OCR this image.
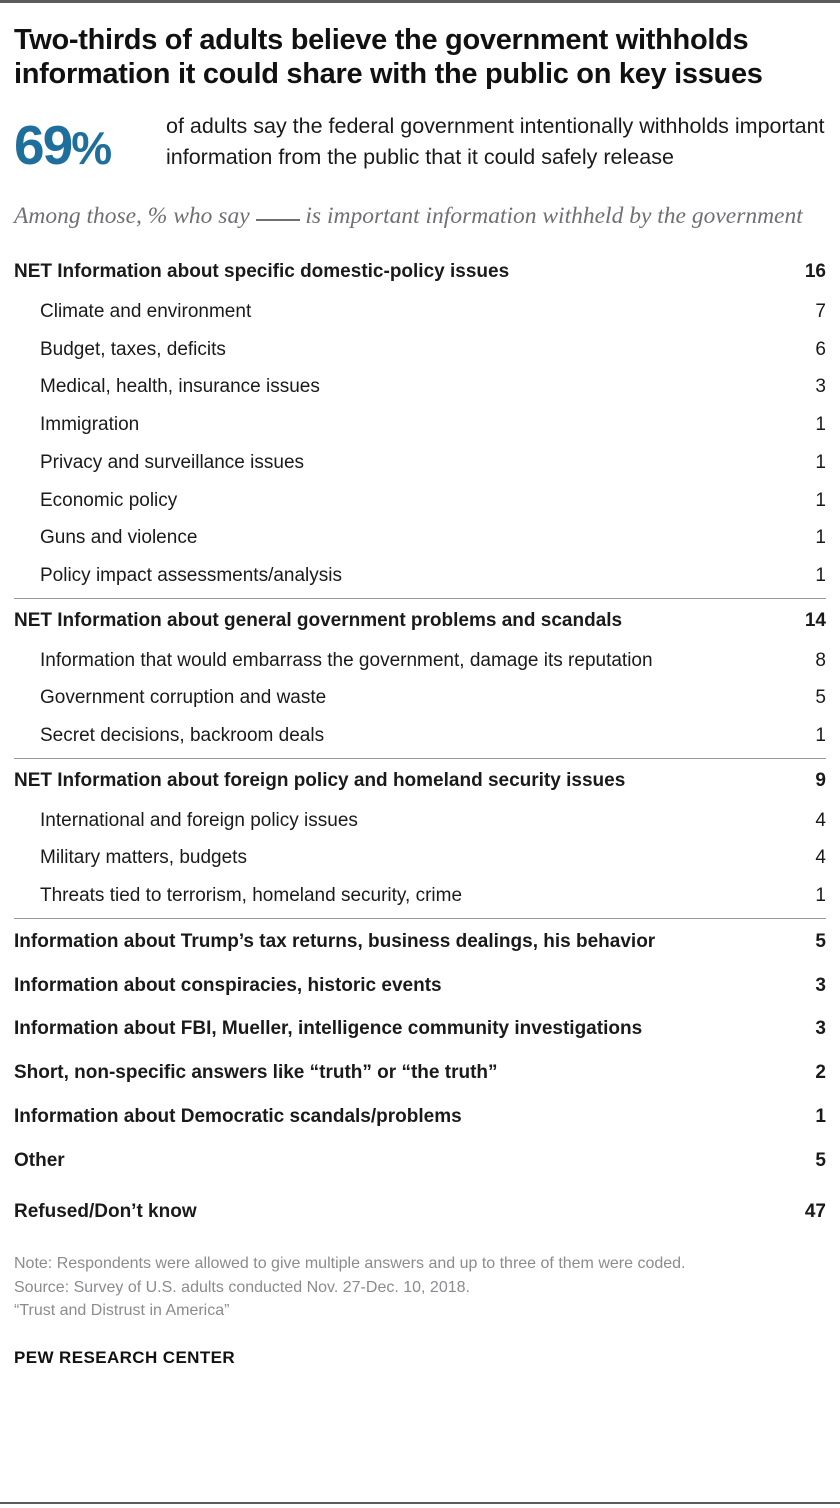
Two-thirds of adults believe the government withholds information it could share with the public on key issues
69%	of adults say the federal government intentionally withholds important information from the public that it could safely release
Among those, % who say is important information withheld by the government
NET Information about specific domestic-policy issues	16
Climate and environment	7
Budget, taxes, deficits	6
Medical, health, insurance issues	3
Immigration	1
Privacy and surveillance issues	1
Economic policy	1
Guns and violence	1
Policy impact assessments/analysis	1
NET Information about general government problems and scandals	14
Information that would embarrass the government, damage its reputation	8
Government corruption and waste	5
Secret decisions, backroom deals	1
NET Information about foreign policy and homeland security issues	9
International and foreign policy issues	4
Military matters, budgets	4
Threats tied to terrorism, homeland security, crime	1
Information about Trump’s tax returns, business dealings, his behavior	5
Information about conspiracies, historic events	3
Information about FBI, Mueller, intelligence community investigations	3
Short, non-specific answers like “truth” or “the truth”	2
Information about Democratic scandals/problems	1
Other	5
Refused/Don’t know	47
Note: Respondents were allowed to give multiple answers and up to three of them were coded.
Source: Survey of U.S. adults conducted Nov. 27-Dec. 10, 2018.
“Trust and Distrust in America”
PEW RESEARCH CENTER
